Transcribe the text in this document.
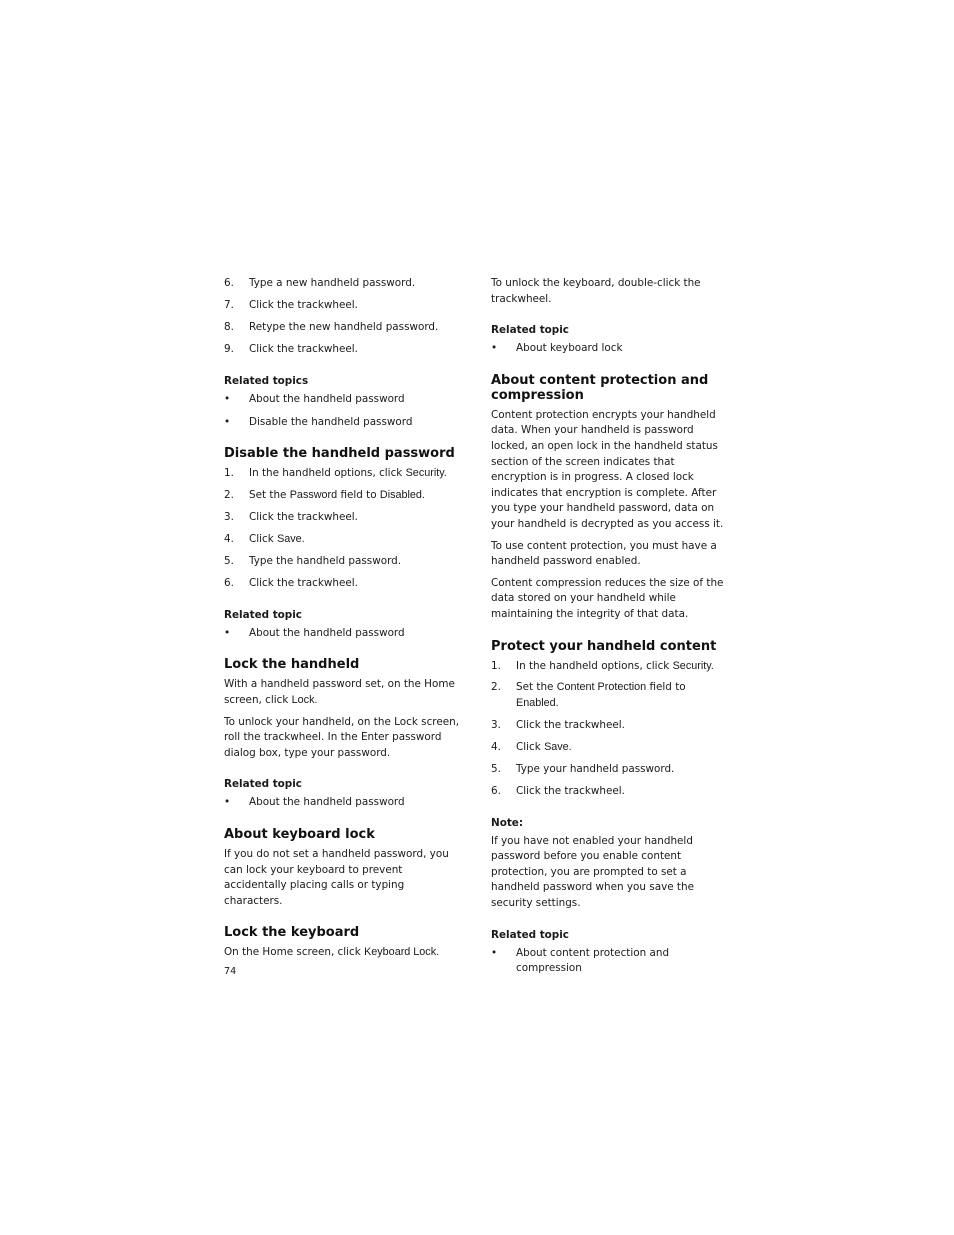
6.	Type a new handheld password.
7.	Click the trackwheel.
8.	Retype the new handheld password.
9.	Click the trackwheel.
Related topics
•	About the handheld password
•	Disable the handheld password
Disable the handheld password
1.	In the handheld options, click Security.
2.	Set the Password field to Disabled.
3.	Click the trackwheel.
4.	Click Save.
5.	Type the handheld password.
6.	Click the trackwheel.
Related topic
•	About the handheld password
Lock the handheld

With a handheld password set, on the Home screen, click Lock.

To unlock your handheld, on the Lock screen, roll the trackwheel. In the Enter password dialog box, type your password.

Related topic
•	About the handheld password
About keyboard lock

If you do not set a handheld password, you can lock your keyboard to prevent accidentally placing calls or typing characters.

Lock the keyboard

On the Home screen, click Keyboard Lock.

To unlock the keyboard, double-click the trackwheel.

Related topic
•	About keyboard lock
About content protection and compression

Content protection encrypts your handheld data. When your handheld is password locked, an open lock in the handheld status section of the screen indicates that encryption is in progress. A closed lock indicates that encryption is complete. After you type your handheld password, data on your handheld is decrypted as you access it.

To use content protection, you must have a handheld password enabled.

Content compression reduces the size of the data stored on your handheld while maintaining the integrity of that data.

Protect your handheld content
1.	In the handheld options, click Security.
2.	Set the Content Protection field to Enabled.
3.	Click the trackwheel.
4.	Click Save.
5.	Type your handheld password.
6.	Click the trackwheel.
Note:

If you have not enabled your handheld password before you enable content protection, you are prompted to set a handheld password when you save the security settings.

Related topic
•	About content protection and compression
74
